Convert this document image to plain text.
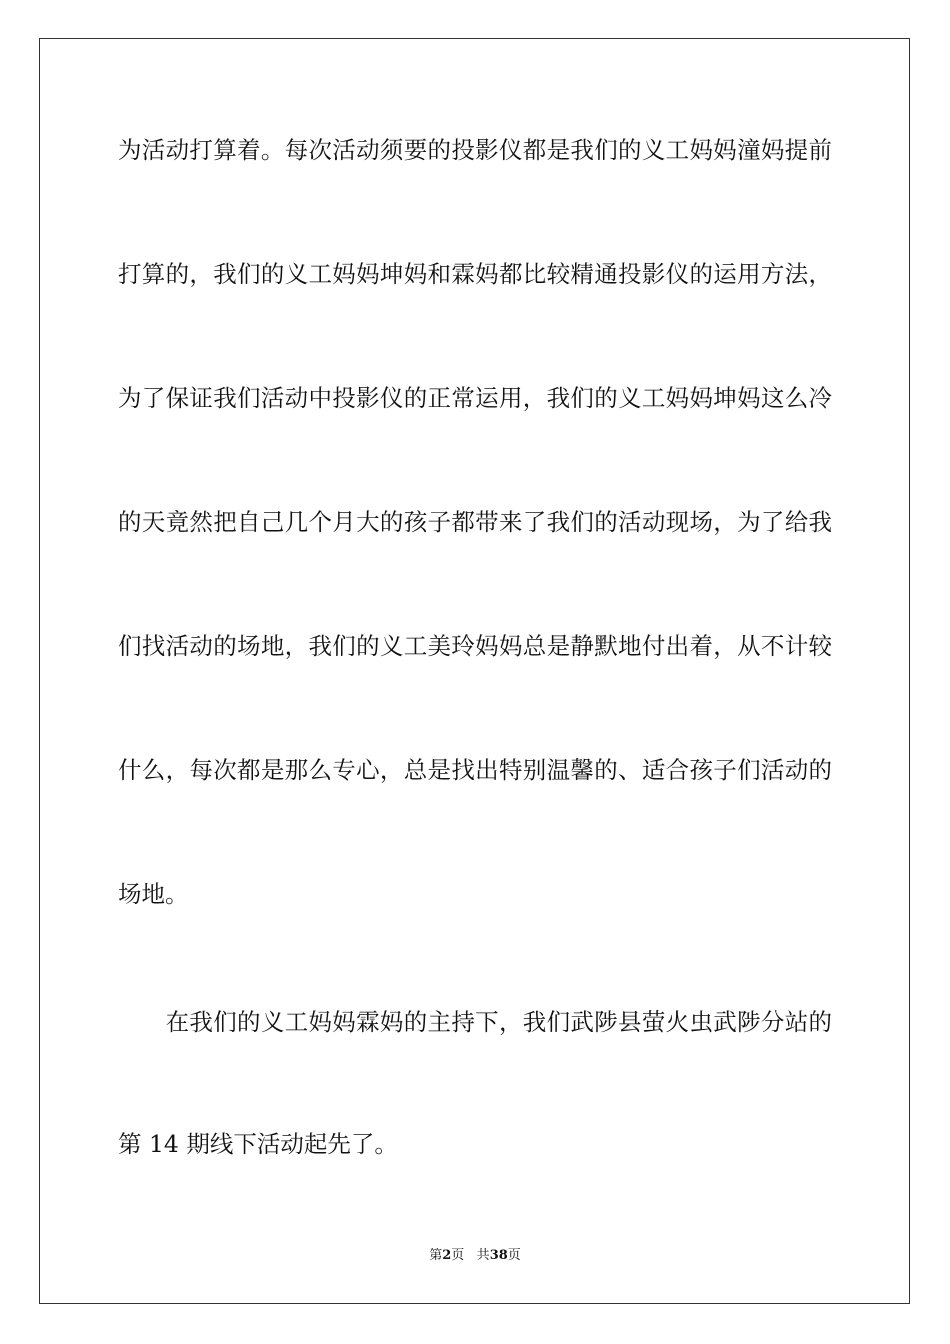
为活动打算着。每次活动须要的投影仪都是我们的义工妈妈潼妈提前
打算的，我们的义工妈妈坤妈和霖妈都比较精通投影仪的运用方法，
为了保证我们活动中投影仪的正常运用，我们的义工妈妈坤妈这么冷
的天竟然把自己几个月大的孩子都带来了我们的活动现场，为了给我
们找活动的场地，我们的义工美玲妈妈总是静默地付出着，从不计较
什么，每次都是那么专心，总是找出特别温馨的、适合孩子们活动的
场地。
　　在我们的义工妈妈霖妈的主持下，我们武陟县萤火虫武陟分站的
第 14 期线下活动起先了。
第2页 共38页
